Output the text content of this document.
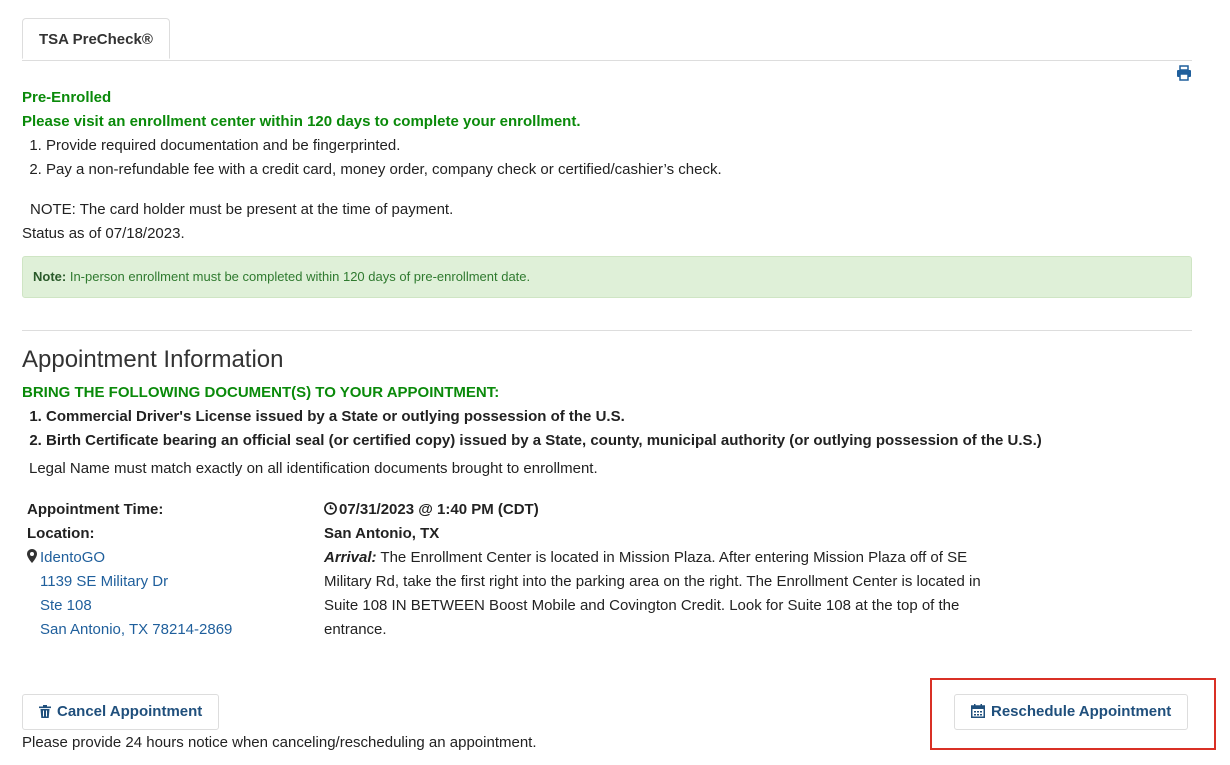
TSA PreCheck®
Pre-Enrolled
Please visit an enrollment center within 120 days to complete your enrollment.
1. Provide required documentation and be fingerprinted.
2. Pay a non-refundable fee with a credit card, money order, company check or certified/cashier’s check.
NOTE: The card holder must be present at the time of payment.
Status as of 07/18/2023.
Note: In-person enrollment must be completed within 120 days of pre-enrollment date.
Appointment Information
BRING THE FOLLOWING DOCUMENT(S) TO YOUR APPOINTMENT:
1. Commercial Driver's License issued by a State or outlying possession of the U.S.
2. Birth Certificate bearing an official seal (or certified copy) issued by a State, county, municipal authority (or outlying possession of the U.S.)
Legal Name must match exactly on all identification documents brought to enrollment.
Appointment Time:
Location:
IdentoGO
1139 SE Military Dr
Ste 108
San Antonio, TX 78214-2869
07/31/2023 @ 1:40 PM (CDT)
San Antonio, TX
Arrival: The Enrollment Center is located in Mission Plaza. After entering Mission Plaza off of SE Military Rd, take the first right into the parking area on the right. The Enrollment Center is located in Suite 108 IN BETWEEN Boost Mobile and Covington Credit. Look for Suite 108 at the top of the entrance.
Cancel Appointment	Reschedule Appointment
Please provide 24 hours notice when canceling/rescheduling an appointment.
